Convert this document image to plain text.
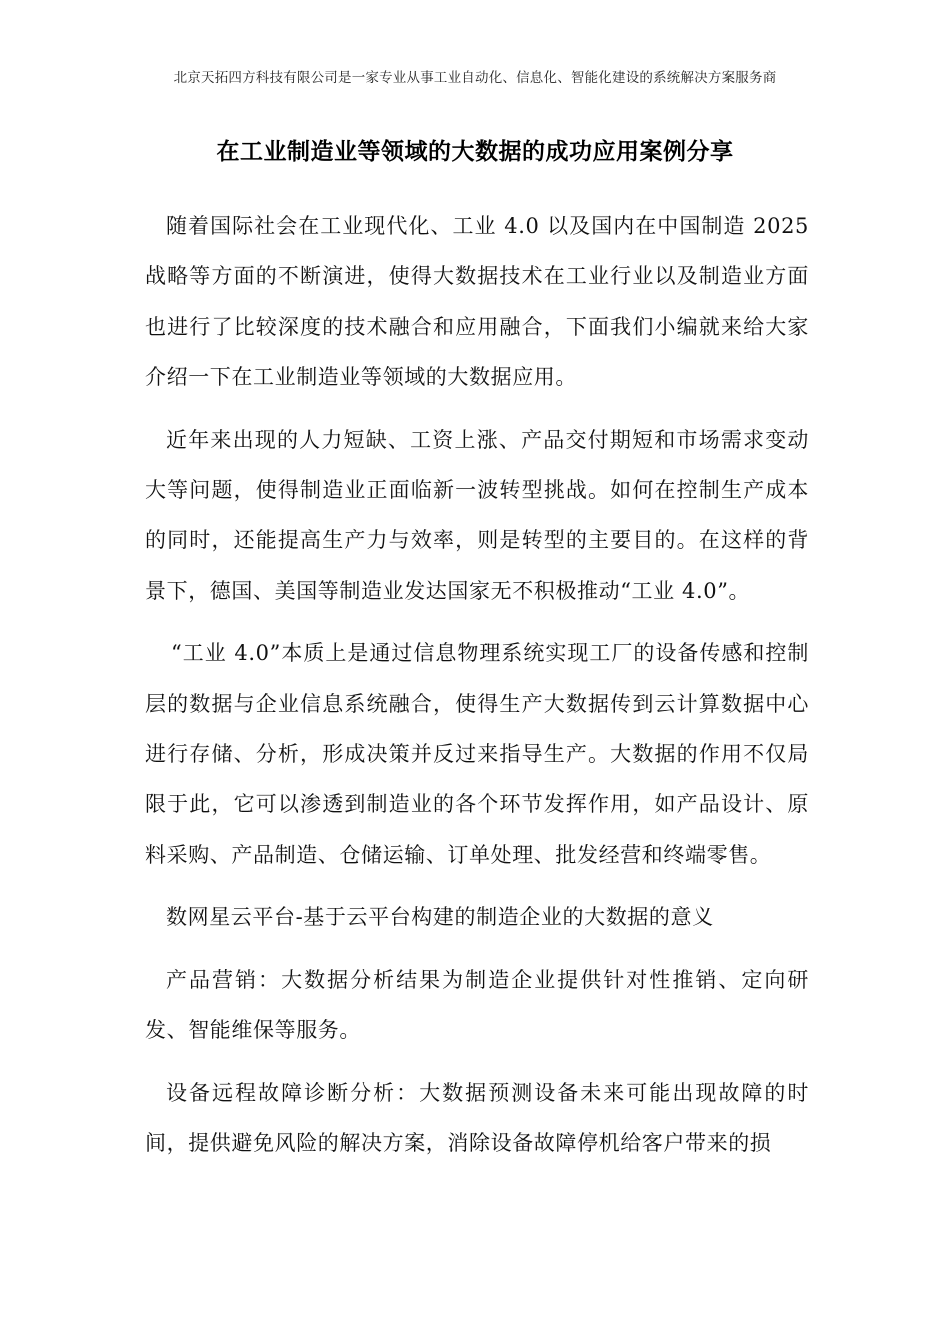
北京天拓四方科技有限公司是一家专业从事工业自动化、信息化、智能化建设的系统解决方案服务商
在工业制造业等领域的大数据的成功应用案例分享

随着国际社会在工业现代化、工业 4.0 以及国内在中国制造 2025 战略等方面的不断演进，使得大数据技术在工业行业以及制造业方面也进行了比较深度的技术融合和应用融合，下面我们小编就来给大家介绍一下在工业制造业等领域的大数据应用。

近年来出现的人力短缺、工资上涨、产品交付期短和市场需求变动大等问题，使得制造业正面临新一波转型挑战。如何在控制生产成本的同时，还能提高生产力与效率，则是转型的主要目的。在这样的背景下，德国、美国等制造业发达国家无不积极推动“工业 4.0”。

“工业 4.0”本质上是通过信息物理系统实现工厂的设备传感和控制层的数据与企业信息系统融合，使得生产大数据传到云计算数据中心进行存储、分析，形成决策并反过来指导生产。大数据的作用不仅局限于此，它可以渗透到制造业的各个环节发挥作用，如产品设计、原料采购、产品制造、仓储运输、订单处理、批发经营和终端零售。

数网星云平台-基于云平台构建的制造企业的大数据的意义

产品营销：大数据分析结果为制造企业提供针对性推销、定向研发、智能维保等服务。

设备远程故障诊断分析：大数据预测设备未来可能出现故障的时间，提供避免风险的解决方案，消除设备故障停机给客户带来的损
